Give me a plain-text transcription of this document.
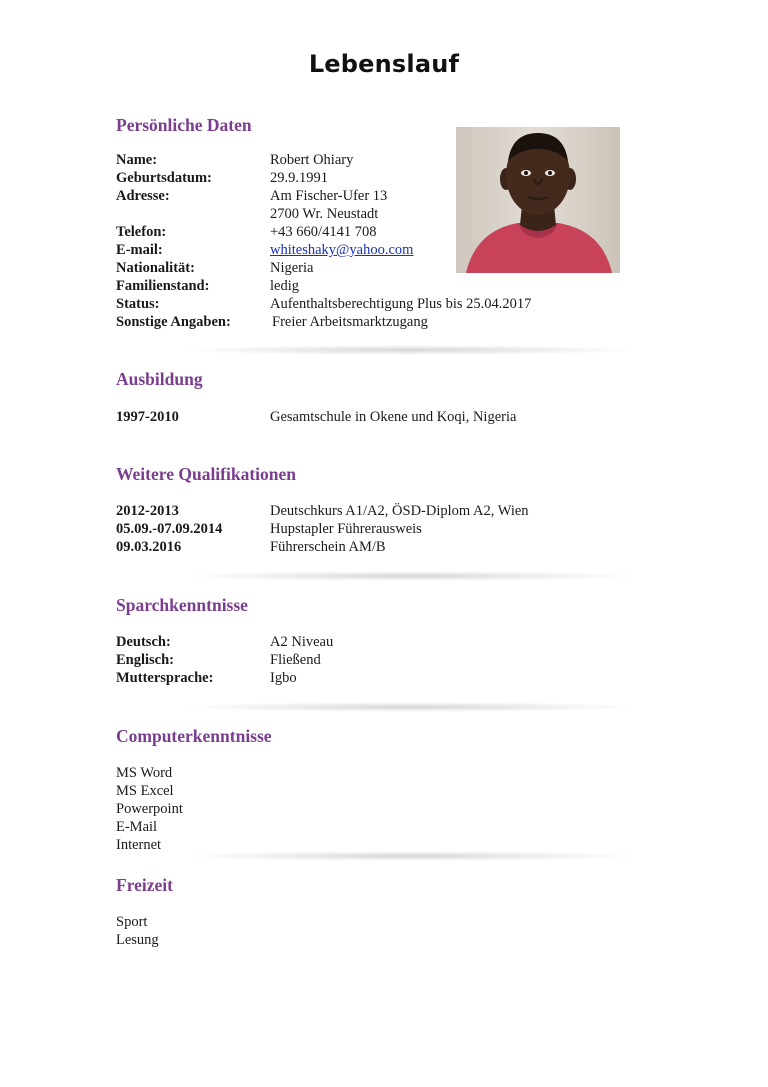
Lebenslauf
Persönliche Daten
Name:	Robert Ohiary
Geburtsdatum:	29.9.1991
Adresse:	Am Fischer-Ufer 13
2700 Wr. Neustadt
Telefon:	+43 660/4141 708
E-mail:	whiteshaky@yahoo.com
Nationalität:	Nigeria
Familienstand:	ledig
Status:	Aufenthaltsberechtigung Plus bis 25.04.2017
Sonstige Angaben:	Freier Arbeitsmarktzugang
Ausbildung
1997-2010	Gesamtschule in Okene und Koqi, Nigeria
Weitere Qualifikationen
2012-2013	Deutschkurs A1/A2, ÖSD-Diplom A2, Wien
05.09.-07.09.2014	Hupstapler Führerausweis
09.03.2016	Führerschein AM/B
Sparchkenntnisse
Deutsch:	A2 Niveau
Englisch:	Fließend
Muttersprache:	Igbo
Computerkenntnisse
MS Word
MS Excel
Powerpoint
E-Mail
Internet
Freizeit
Sport
Lesung
